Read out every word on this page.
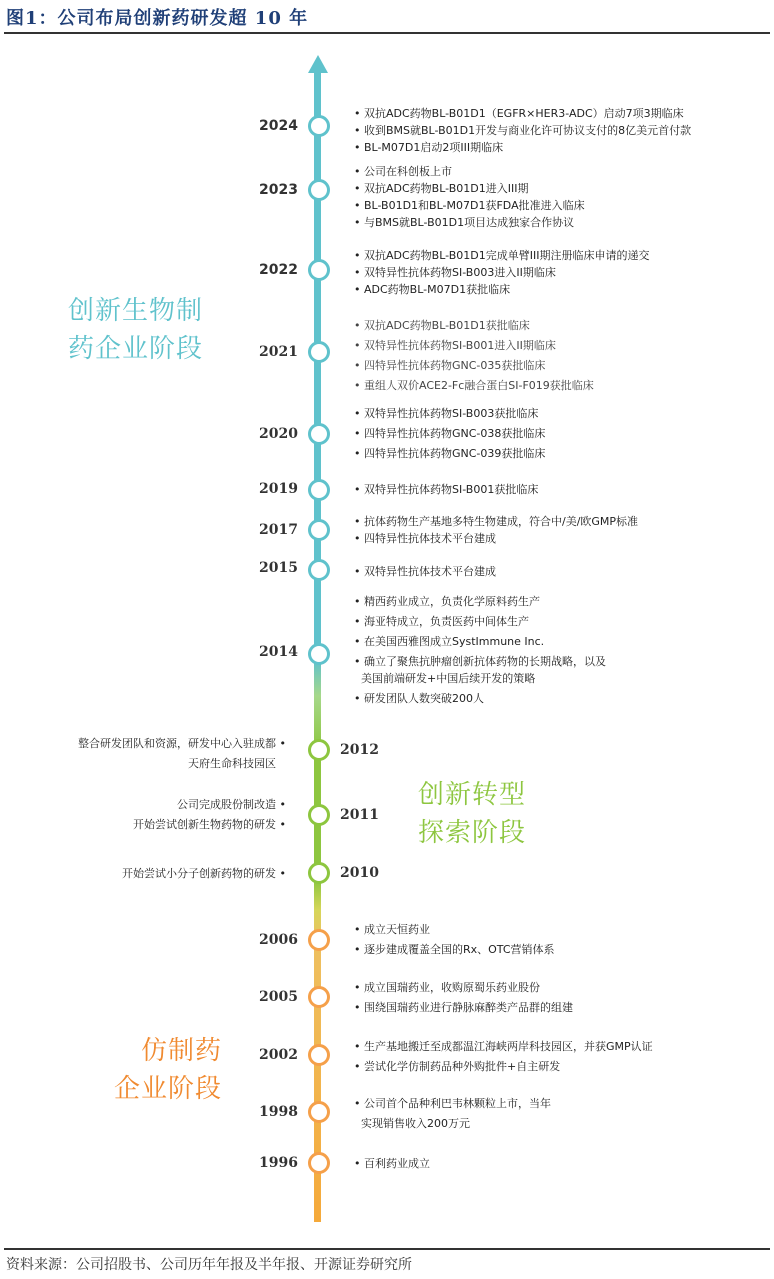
图1：公司布局创新药研发超 10 年
创新生物制
药企业阶段
创新转型
探索阶段
仿制药
企业阶段
2024
• 双抗ADC药物BL-B01D1（EGFR×HER3-ADC）启动7项3期临床
• 收到BMS就BL-B01D1开发与商业化许可协议支付的8亿美元首付款
• BL-M07D1启动2项III期临床
2023
• 公司在科创板上市
• 双抗ADC药物BL-B01D1进入III期
• BL-B01D1和BL-M07D1获FDA批准进入临床
• 与BMS就BL-B01D1项目达成独家合作协议
2022
• 双抗ADC药物BL-B01D1完成单臂III期注册临床申请的递交
• 双特异性抗体药物SI-B003进入II期临床
• ADC药物BL-M07D1获批临床
2021
• 双抗ADC药物BL-B01D1获批临床
• 双特异性抗体药物SI-B001进入II期临床
• 四特异性抗体药物GNC-035获批临床
• 重组人双价ACE2-Fc融合蛋白SI-F019获批临床
2020
• 双特异性抗体药物SI-B003获批临床
• 四特异性抗体药物GNC-038获批临床
• 四特异性抗体药物GNC-039获批临床
2019	• 双特异性抗体药物SI-B001获批临床
2017
• 抗体药物生产基地多特生物建成，符合中/美/欧GMP标准
• 四特异性抗体技术平台建成
2015	• 双特异性抗体技术平台建成
2014
• 精西药业成立，负责化学原料药生产
• 海亚特成立，负责医药中间体生产
• 在美国西雅图成立SystImmune Inc.
• 确立了聚焦抗肿瘤创新抗体药物的长期战略，以及
美国前端研发+中国后续开发的策略
• 研发团队人数突破200人
2012
整合研发团队和资源，研发中心入驻成都 •
天府生命科技园区
2011
公司完成股份制改造 •
开始尝试创新生物药物的研发 •
2010
开始尝试小分子创新药物的研发 •
2006
• 成立天恒药业
• 逐步建成覆盖全国的Rx、OTC营销体系
2005
• 成立国瑞药业，收购原蜀乐药业股份
• 围绕国瑞药业进行静脉麻醉类产品群的组建
2002
• 生产基地搬迁至成都温江海峡两岸科技园区，并获GMP认证
• 尝试化学仿制药品种外购批件+自主研发
1998
• 公司首个品种利巴韦林颗粒上市，当年
实现销售收入200万元
1996	• 百利药业成立
资料来源：公司招股书、公司历年年报及半年报、开源证券研究所
